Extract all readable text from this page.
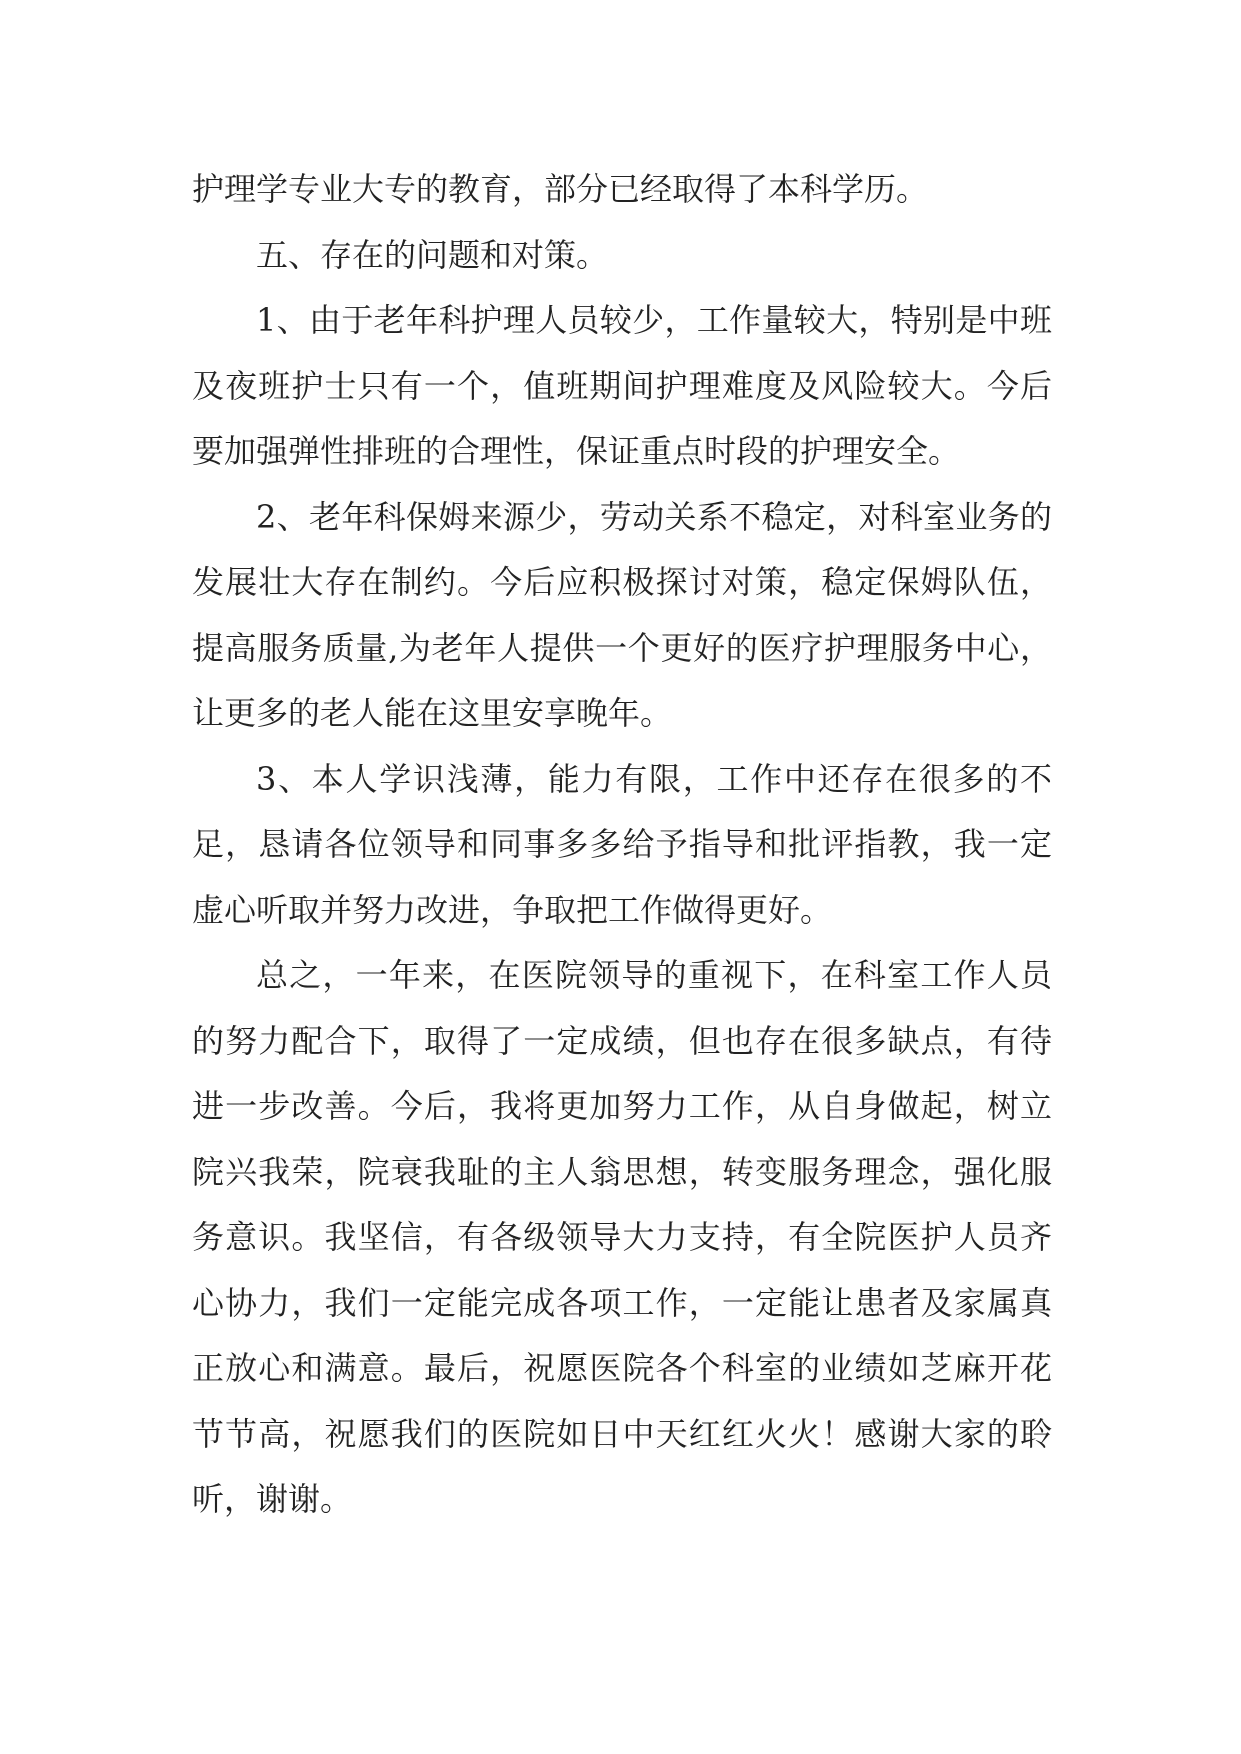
护理学专业大专的教育，部分已经取得了本科学历。

五、存在的问题和对策。

1、由于老年科护理人员较少，工作量较大，特别是中班及夜班护士只有一个，值班期间护理难度及风险较大。今后要加强弹性排班的合理性，保证重点时段的护理安全。

2、老年科保姆来源少，劳动关系不稳定，对科室业务的发展壮大存在制约。今后应积极探讨对策，稳定保姆队伍，提高服务质量,为老年人提供一个更好的医疗护理服务中心，让更多的老人能在这里安享晚年。

3、本人学识浅薄，能力有限，工作中还存在很多的不足，恳请各位领导和同事多多给予指导和批评指教，我一定虚心听取并努力改进，争取把工作做得更好。

总之，一年来，在医院领导的重视下，在科室工作人员的努力配合下，取得了一定成绩，但也存在很多缺点，有待进一步改善。今后，我将更加努力工作，从自身做起，树立院兴我荣，院衰我耻的主人翁思想，转变服务理念，强化服务意识。我坚信，有各级领导大力支持，有全院医护人员齐心协力，我们一定能完成各项工作，一定能让患者及家属真正放心和满意。最后，祝愿医院各个科室的业绩如芝麻开花节节高，祝愿我们的医院如日中天红红火火！感谢大家的聆听，谢谢。
